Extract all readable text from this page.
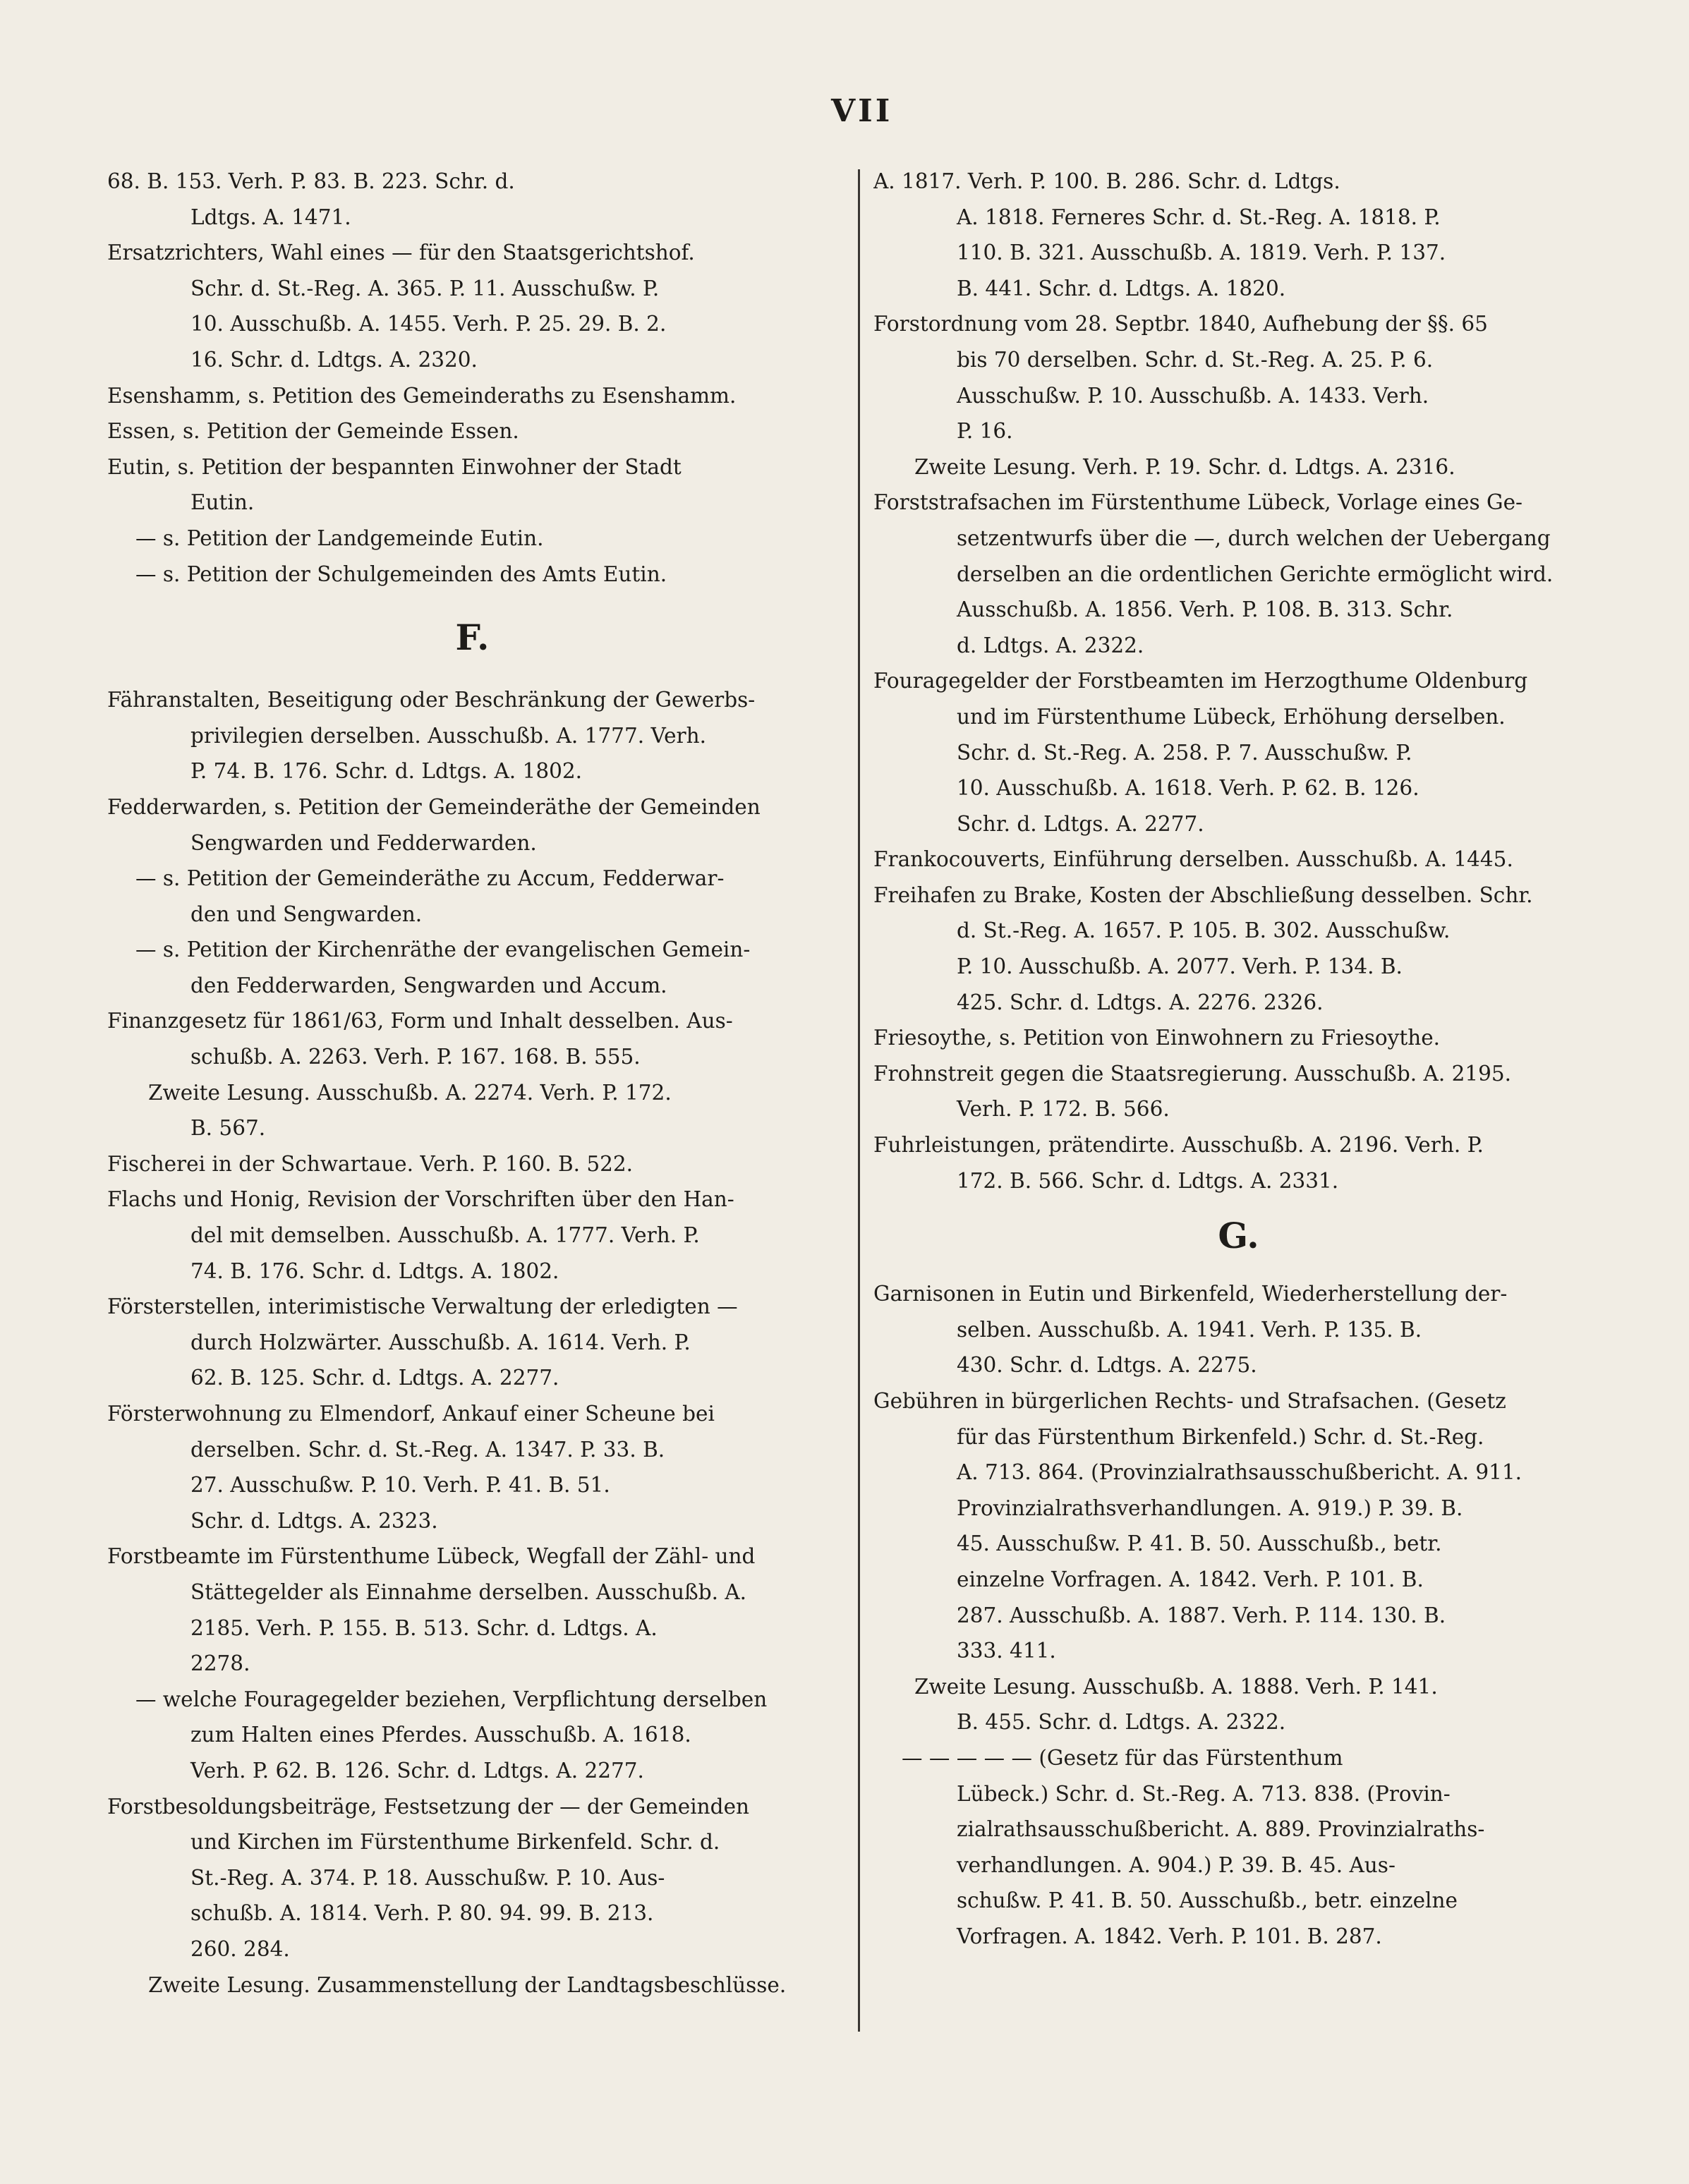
VII
68. B. 153. Verh. P. 83. B. 223. Schr. d.
Ldtgs. A. 1471.
Ersatzrichters, Wahl eines — für den Staatsgerichtshof.
Schr. d. St.-Reg. A. 365. P. 11. Ausschußw. P.
10. Ausschußb. A. 1455. Verh. P. 25. 29. B. 2.
16. Schr. d. Ldtgs. A. 2320.
Esenshamm, s. Petition des Gemeinderaths zu Esenshamm.
Essen, s. Petition der Gemeinde Essen.
Eutin, s. Petition der bespannten Einwohner der Stadt
Eutin.
— s. Petition der Landgemeinde Eutin.
— s. Petition der Schulgemeinden des Amts Eutin.
F.
Fähranstalten, Beseitigung oder Beschränkung der Gewerbs-
privilegien derselben. Ausschußb. A. 1777. Verh.
P. 74. B. 176. Schr. d. Ldtgs. A. 1802.
Fedderwarden, s. Petition der Gemeinderäthe der Gemeinden
Sengwarden und Fedderwarden.
— s. Petition der Gemeinderäthe zu Accum, Fedderwar-
den und Sengwarden.
— s. Petition der Kirchenräthe der evangelischen Gemein-
den Fedderwarden, Sengwarden und Accum.
Finanzgesetz für 1861/63, Form und Inhalt desselben. Aus-
schußb. A. 2263. Verh. P. 167. 168. B. 555.
Zweite Lesung. Ausschußb. A. 2274. Verh. P. 172.
B. 567.
Fischerei in der Schwartaue. Verh. P. 160. B. 522.
Flachs und Honig, Revision der Vorschriften über den Han-
del mit demselben. Ausschußb. A. 1777. Verh. P.
74. B. 176. Schr. d. Ldtgs. A. 1802.
Försterstellen, interimistische Verwaltung der erledigten —
durch Holzwärter. Ausschußb. A. 1614. Verh. P.
62. B. 125. Schr. d. Ldtgs. A. 2277.
Försterwohnung zu Elmendorf, Ankauf einer Scheune bei
derselben. Schr. d. St.-Reg. A. 1347. P. 33. B.
27. Ausschußw. P. 10. Verh. P. 41. B. 51.
Schr. d. Ldtgs. A. 2323.
Forstbeamte im Fürstenthume Lübeck, Wegfall der Zähl- und
Stättegelder als Einnahme derselben. Ausschußb. A.
2185. Verh. P. 155. B. 513. Schr. d. Ldtgs. A.
2278.
— welche Fouragegelder beziehen, Verpflichtung derselben
zum Halten eines Pferdes. Ausschußb. A. 1618.
Verh. P. 62. B. 126. Schr. d. Ldtgs. A. 2277.
Forstbesoldungsbeiträge, Festsetzung der — der Gemeinden
und Kirchen im Fürstenthume Birkenfeld. Schr. d.
St.-Reg. A. 374. P. 18. Ausschußw. P. 10. Aus-
schußb. A. 1814. Verh. P. 80. 94. 99. B. 213.
260. 284.
Zweite Lesung. Zusammenstellung der Landtagsbeschlüsse.
A. 1817. Verh. P. 100. B. 286. Schr. d. Ldtgs.
A. 1818. Ferneres Schr. d. St.-Reg. A. 1818. P.
110. B. 321. Ausschußb. A. 1819. Verh. P. 137.
B. 441. Schr. d. Ldtgs. A. 1820.
Forstordnung vom 28. Septbr. 1840, Aufhebung der §§. 65
bis 70 derselben. Schr. d. St.-Reg. A. 25. P. 6.
Ausschußw. P. 10. Ausschußb. A. 1433. Verh.
P. 16.
Zweite Lesung. Verh. P. 19. Schr. d. Ldtgs. A. 2316.
Forststrafsachen im Fürstenthume Lübeck, Vorlage eines Ge-
setzentwurfs über die —, durch welchen der Uebergang
derselben an die ordentlichen Gerichte ermöglicht wird.
Ausschußb. A. 1856. Verh. P. 108. B. 313. Schr.
d. Ldtgs. A. 2322.
Fouragegelder der Forstbeamten im Herzogthume Oldenburg
und im Fürstenthume Lübeck, Erhöhung derselben.
Schr. d. St.-Reg. A. 258. P. 7. Ausschußw. P.
10. Ausschußb. A. 1618. Verh. P. 62. B. 126.
Schr. d. Ldtgs. A. 2277.
Frankocouverts, Einführung derselben. Ausschußb. A. 1445.
Freihafen zu Brake, Kosten der Abschließung desselben. Schr.
d. St.-Reg. A. 1657. P. 105. B. 302. Ausschußw.
P. 10. Ausschußb. A. 2077. Verh. P. 134. B.
425. Schr. d. Ldtgs. A. 2276. 2326.
Friesoythe, s. Petition von Einwohnern zu Friesoythe.
Frohnstreit gegen die Staatsregierung. Ausschußb. A. 2195.
Verh. P. 172. B. 566.
Fuhrleistungen, prätendirte. Ausschußb. A. 2196. Verh. P.
172. B. 566. Schr. d. Ldtgs. A. 2331.
G.
Garnisonen in Eutin und Birkenfeld, Wiederherstellung der-
selben. Ausschußb. A. 1941. Verh. P. 135. B.
430. Schr. d. Ldtgs. A. 2275.
Gebühren in bürgerlichen Rechts- und Strafsachen. (Gesetz
für das Fürstenthum Birkenfeld.) Schr. d. St.-Reg.
A. 713. 864. (Provinzialrathsausschußbericht. A. 911.
Provinzialrathsverhandlungen. A. 919.) P. 39. B.
45. Ausschußw. P. 41. B. 50. Ausschußb., betr.
einzelne Vorfragen. A. 1842. Verh. P. 101. B.
287. Ausschußb. A. 1887. Verh. P. 114. 130. B.
333. 411.
Zweite Lesung. Ausschußb. A. 1888. Verh. P. 141.
B. 455. Schr. d. Ldtgs. A. 2322.
— — — — — (Gesetz für das Fürstenthum
Lübeck.) Schr. d. St.-Reg. A. 713. 838. (Provin-
zialrathsausschußbericht. A. 889. Provinzialraths-
verhandlungen. A. 904.) P. 39. B. 45. Aus-
schußw. P. 41. B. 50. Ausschußb., betr. einzelne
Vorfragen. A. 1842. Verh. P. 101. B. 287.
